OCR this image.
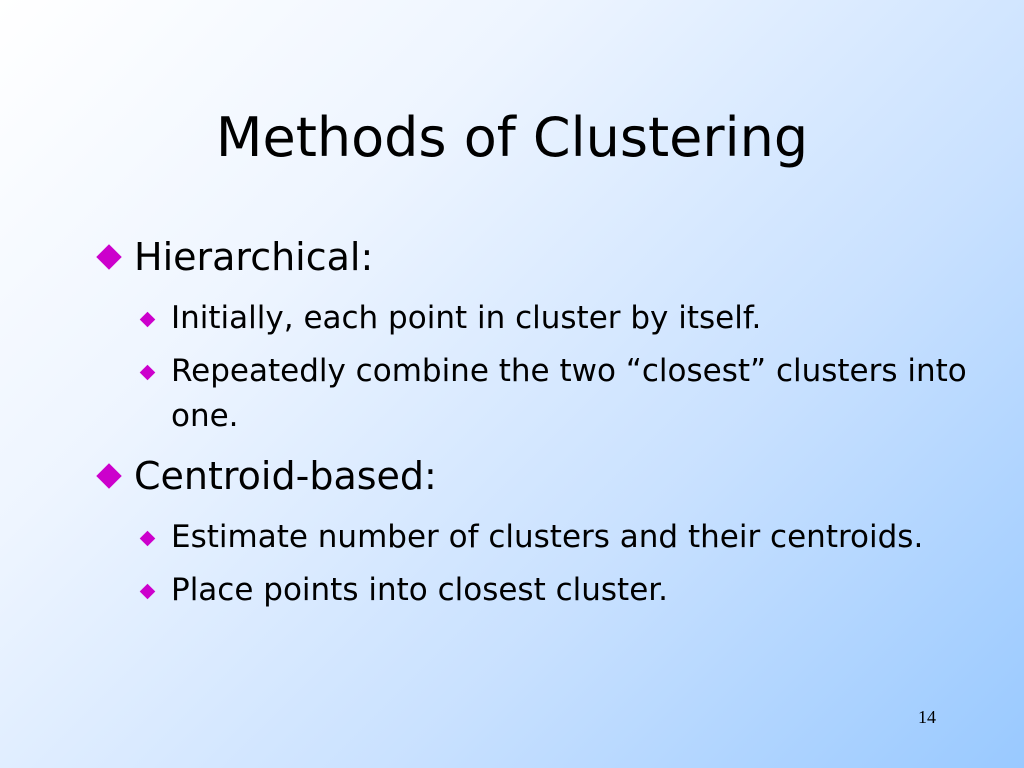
Methods of Clustering
Hierarchical:
Initially, each point in cluster by itself.
Repeatedly combine the two “closest” clusters into one.
Centroid-based:
Estimate number of clusters and their centroids.
Place points into closest cluster.
14
